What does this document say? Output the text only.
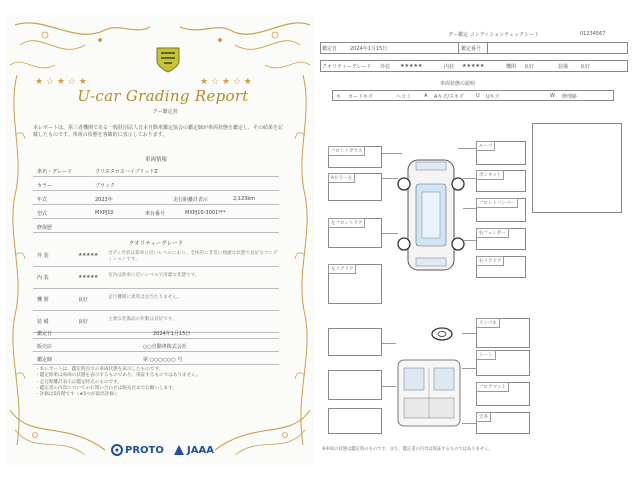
★ ☆ ★ ☆ ★	★ ☆ ★ ☆ ★
U-car Grading Report
グー鑑定書
本レポートは、第三者機関である一般財団法人日本自動車鑑定協会の鑑定師が車両状態を鑑定し、その結果を記載したものです。車両の状態を客観的に表示しております。
車両情報
車名・グレード	クリスタロスハイブリッドZ
カラー	ブラック
年式	2023年	走行距離計表示	2,123km
型式	MXPJ10	車台番号	MXPJ10-3001***
修復歴
クオリティーグレード
外 装	★★★★★ ボディ外装は新車に近いレベルにあり、全体的に非常に綺麗な状態で良好なコンディションです。
内 装	★★★★★ 室内は新車に近いレベルで清潔な状態です。
機 関	良好	走行機関に異常は見当たりません。
装 備	良好	主要な装備品の作動は良好です。
鑑定日	2024年1月15日
販売店	○○自動車株式会社
鑑定師	第 ○○○○○○ 号
・本レポートは、鑑定時点での車両状態を表示したものです。
・鑑定結果は車両の状態を表示するものであり、保証するものではありません。
・走行距離計表示は鑑定時点のものです。
・鑑定書の内容についてのお問い合わせは販売店までお願いします。
・評価は5段階です（★5つが最高評価）。
PROTO JAAA
グー鑑定 コンディションチェックシート	01234567
鑑定日	2024年1月15日	鑑定番号
クオリティーグレード 外装 ★★★★★	内装 ★★★★★	機関 良好	装備 良好
車両状態の説明
キ カードキズ	ヘコミ	A Aキズ/スキズ U Uキズ	W 修理跡
フロントガラス
Aピラー左
左フロントドア
左リアドア
ルーフ
ボンネット
フロントバンパー
右フェンダー
右リアドア
インパネ
シート
フロアマット
天井
※車両の状態は鑑定時のものです。また、鑑定書の内容は保証するものではありません。
